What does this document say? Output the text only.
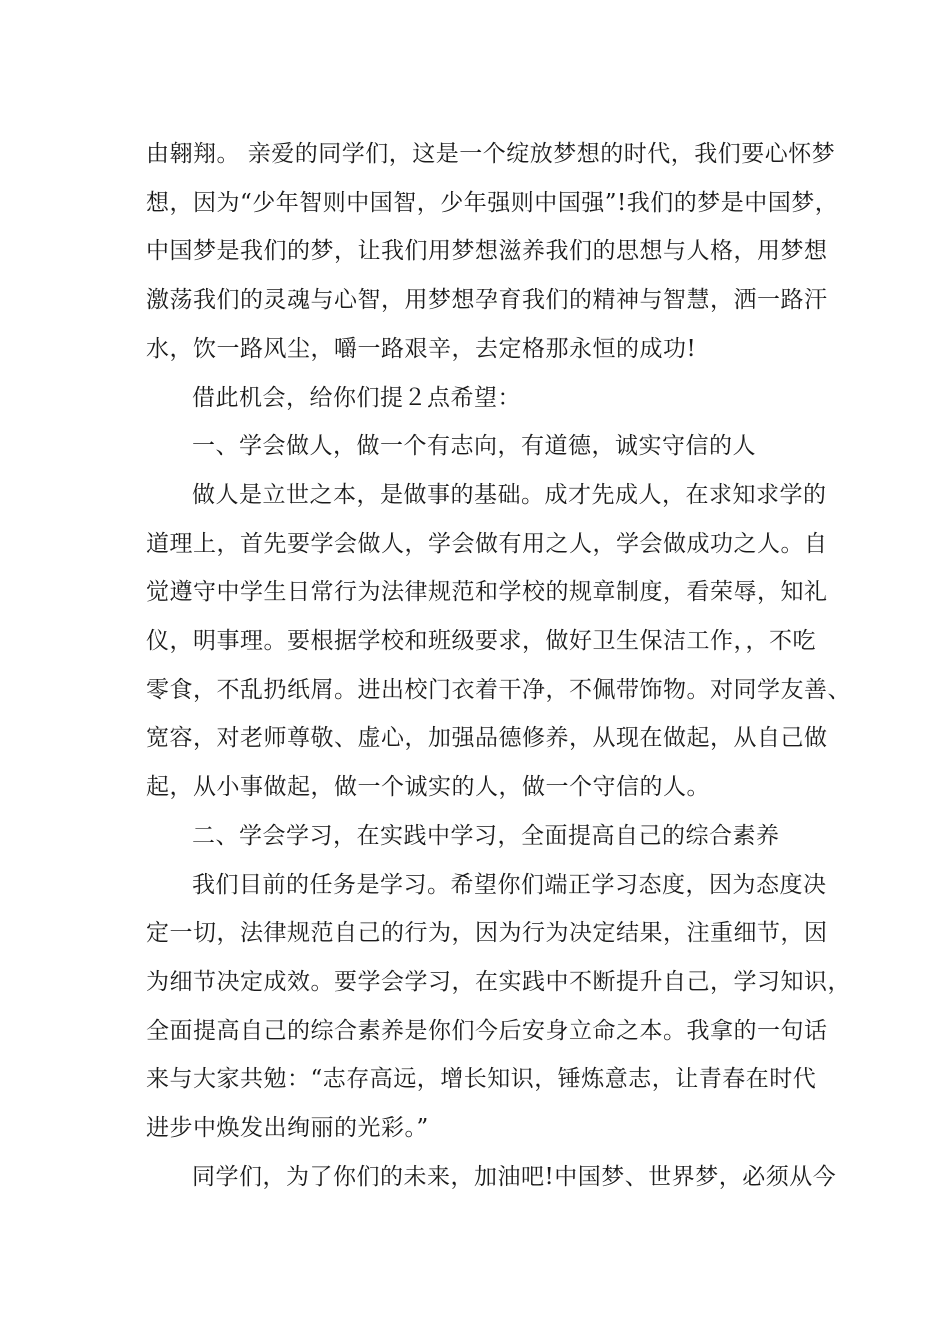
由翱翔。 亲爱的同学们，这是一个绽放梦想的时代，我们要心怀梦
想，因为“少年智则中国智，少年强则中国强”!我们的梦是中国梦，
中国梦是我们的梦，让我们用梦想滋养我们的思想与人格，用梦想
激荡我们的灵魂与心智，用梦想孕育我们的精神与智慧，洒一路汗
水，饮一路风尘，嚼一路艰辛，去定格那永恒的成功!
借此机会，给你们提２点希望：
一、学会做人，做一个有志向，有道德，诚实守信的人
做人是立世之本，是做事的基础。成才先成人，在求知求学的
道理上，首先要学会做人，学会做有用之人，学会做成功之人。自
觉遵守中学生日常行为法律规范和学校的规章制度，看荣辱，知礼
仪，明事理。要根据学校和班级要求，做好卫生保洁工作，，不吃
零食，不乱扔纸屑。进出校门衣着干净，不佩带饰物。对同学友善、
宽容，对老师尊敬、虚心，加强品德修养，从现在做起，从自己做
起，从小事做起，做一个诚实的人，做一个守信的人。
二、学会学习，在实践中学习，全面提高自己的综合素养
我们目前的任务是学习。希望你们端正学习态度，因为态度决
定一切，法律规范自己的行为，因为行为决定结果，注重细节，因
为细节决定成效。要学会学习，在实践中不断提升自己，学习知识，
全面提高自己的综合素养是你们今后安身立命之本。我拿的一句话
来与大家共勉：“志存高远，增长知识，锤炼意志，让青春在时代
进步中焕发出绚丽的光彩。”
同学们，为了你们的未来，加油吧!中国梦、世界梦，必须从今
